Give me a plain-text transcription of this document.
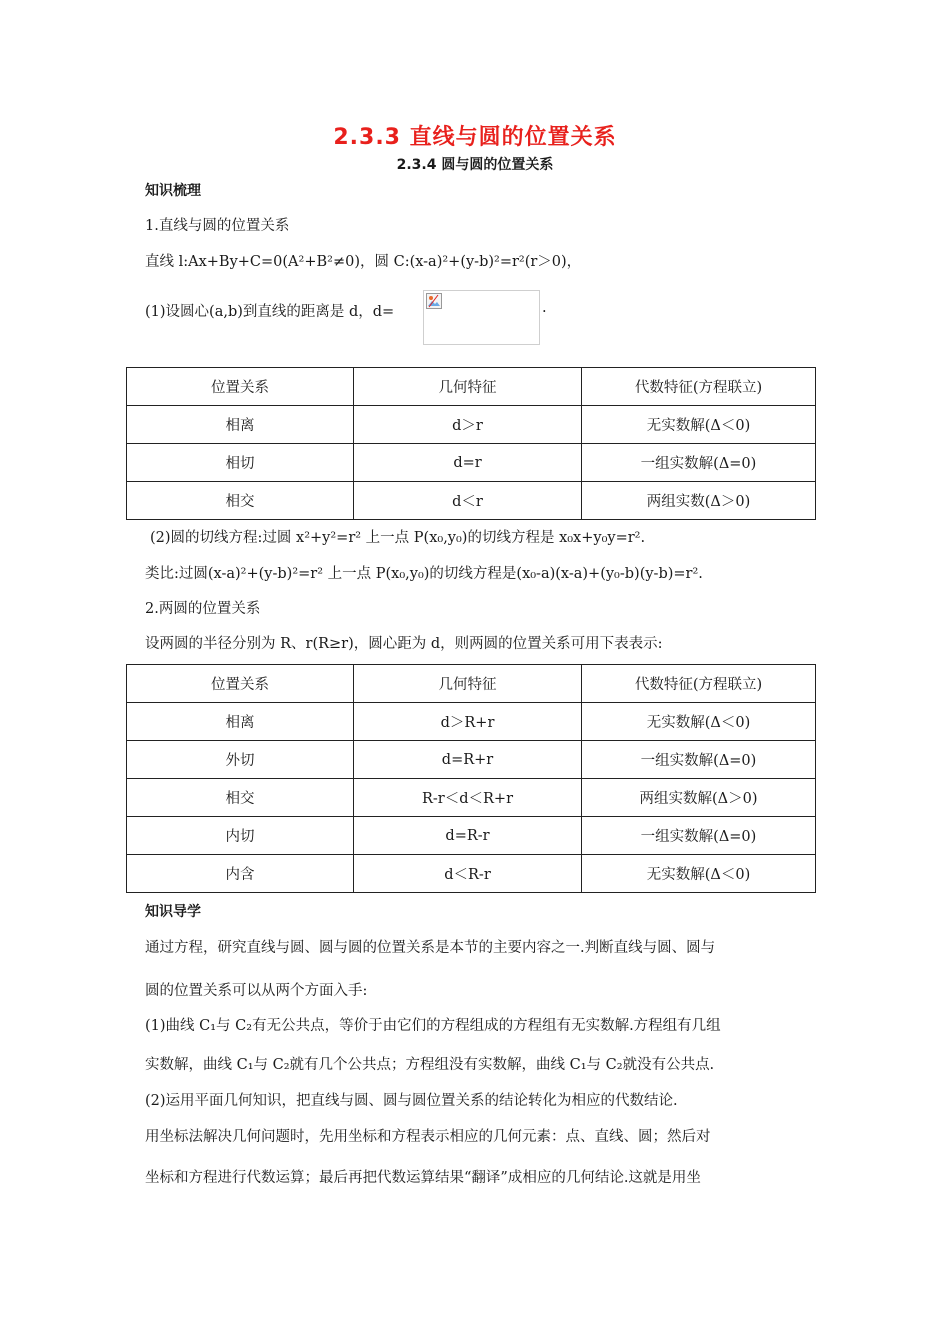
2.3.3 直线与圆的位置关系
2.3.4 圆与圆的位置关系
知识梳理
1.直线与圆的位置关系
直线 l:Ax+By+C=0(A²+B²≠0)，圆 C:(x-a)²+(y-b)²=r²(r＞0)，
(1)设圆心(a,b)到直线的距离是 d，d=	.
位置关系	几何特征	代数特征(方程联立)
相离	d＞r	无实数解(Δ＜0)
相切	d=r	一组实数解(Δ=0)
相交	d＜r	两组实数(Δ＞0)
(2)圆的切线方程:过圆 x²+y²=r² 上一点 P(x₀,y₀)的切线方程是 x₀x+y₀y=r².
类比:过圆(x-a)²+(y-b)²=r² 上一点 P(x₀,y₀)的切线方程是(x₀-a)(x-a)+(y₀-b)(y-b)=r².
2.两圆的位置关系
设两圆的半径分别为 R、r(R≥r)，圆心距为 d，则两圆的位置关系可用下表表示:
位置关系	几何特征	代数特征(方程联立)
相离	d＞R+r	无实数解(Δ＜0)
外切	d=R+r	一组实数解(Δ=0)
相交	R-r＜d＜R+r	两组实数解(Δ＞0)
内切	d=R-r	一组实数解(Δ=0)
内含	d＜R-r	无实数解(Δ＜0)
知识导学
通过方程，研究直线与圆、圆与圆的位置关系是本节的主要内容之一.判断直线与圆、圆与
圆的位置关系可以从两个方面入手:
(1)曲线 C₁与 C₂有无公共点，等价于由它们的方程组成的方程组有无实数解.方程组有几组
实数解，曲线 C₁与 C₂就有几个公共点；方程组没有实数解，曲线 C₁与 C₂就没有公共点.
(2)运用平面几何知识，把直线与圆、圆与圆位置关系的结论转化为相应的代数结论.
用坐标法解决几何问题时，先用坐标和方程表示相应的几何元素：点、直线、圆；然后对
坐标和方程进行代数运算；最后再把代数运算结果“翻译”成相应的几何结论.这就是用坐
